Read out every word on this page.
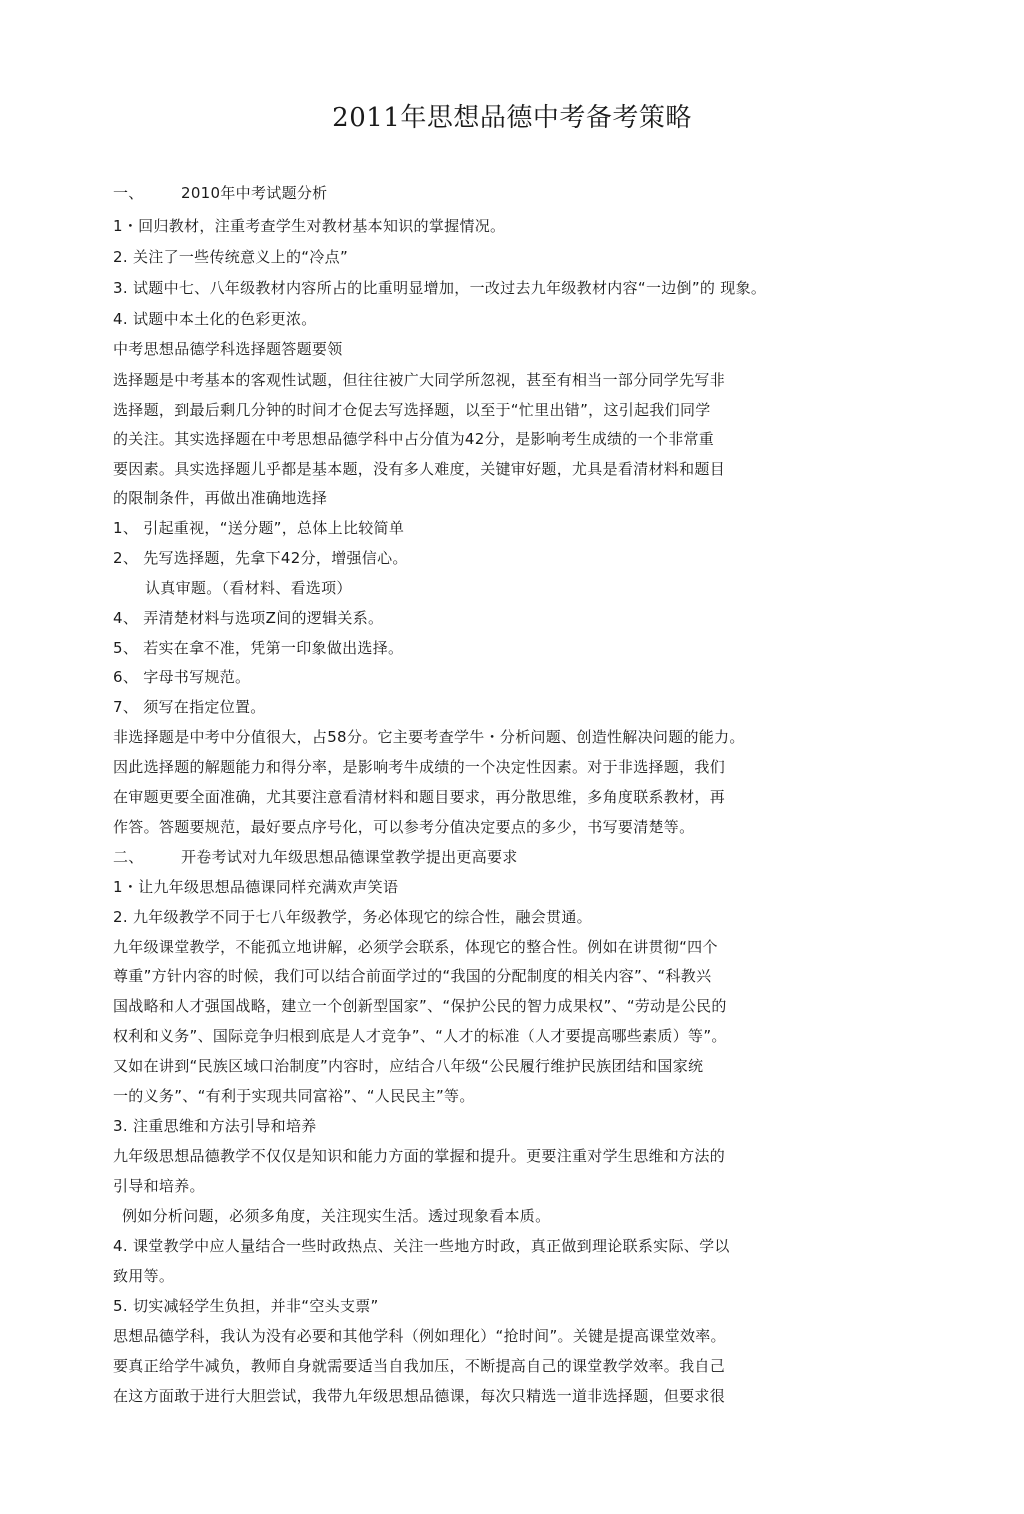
2011年思想品德中考备考策略
一、 2010年中考试题分析
1・回归教材，注重考查学生对教材基本知识的掌握情况。
2. 关注了一些传统意义上的“冷点”
3. 试题中七、八年级教材内容所占的比重明显增加，一改过去九年级教材内容“一边倒”的 现象。
4. 试题中本土化的色彩更浓。
中考思想品德学科选择题答题要领
选择题是中考基本的客观性试题，但往往被广大同学所忽视，甚至有相当一部分同学先写非
选择题，到最后剩几分钟的时间才仓促去写选择题，以至于“忙里出错”，这引起我们同学
的关注。其实选择题在中考思想品德学科中占分值为42分，是影响考生成绩的一个非常重
要因素。具实选择题儿乎都是基本题，没有多人难度，关键审好题，尤具是看清材料和题目
的限制条件，再做出准确地选择
1、 引起重视，“送分题”，总体上比较简单
2、 先写选择题，先拿下42分，增强信心。
认真审题。（看材料、看选项）
4、 弄清楚材料与选项Z间的逻辑关系。
5、 若实在拿不准，凭第一印象做出选择。
6、 字母书写规范。
7、 须写在指定位置。
非选择题是中考中分值很大，占58分。它主要考查学牛・分析问题、创造性解决问题的能力。
因此选择题的解题能力和得分率，是影响考牛成绩的一个决定性因素。对于非选择题，我们
在审题更要全面准确，尤其要注意看清材料和题目要求，再分散思维，多角度联系教材，再
作答。答题要规范，最好要点序号化，可以参考分值决定要点的多少，书写要清楚等。
二、 开卷考试对九年级思想品德课堂教学提出更高要求
1・让九年级思想品德课同样充满欢声笑语
2. 九年级教学不同于七八年级教学，务必体现它的综合性，融会贯通。
九年级课堂教学，不能孤立地讲解，必须学会联系，体现它的整合性。例如在讲贯彻“四个
尊重”方针内容的时候，我们可以结合前面学过的“我国的分配制度的相关内容”、“科教兴
国战略和人才强国战略，建立一个创新型国家”、“保护公民的智力成果权”、“劳动是公民的
权利和义务”、国际竞争归根到底是人才竞争”、“人才的标准（人才要提高哪些素质）等”。
又如在讲到“民族区域口治制度”内容时，应结合八年级“公民履行维护民族团结和国家统
一的义务”、“有利于实现共同富裕”、“人民民主”等。
3. 注重思维和方法引导和培养
九年级思想品德教学不仅仅是知识和能力方面的掌握和提升。更要注重对学生思维和方法的
引导和培养。
例如分析问题，必须多角度，关注现实生活。透过现象看本质。
4. 课堂教学中应人量结合一些时政热点、关注一些地方时政，真正做到理论联系实际、学以
致用等。
5. 切实减轻学生负担，并非“空头支票”
思想品德学科，我认为没有必要和其他学科（例如理化）“抢时间”。关键是提高课堂效率。
要真正给学牛减负，教师自身就需要适当自我加压，不断提高自己的课堂教学效率。我自己
在这方面敢于进行大胆尝试，我带九年级思想品德课，每次只精选一道非选择题，但要求很
